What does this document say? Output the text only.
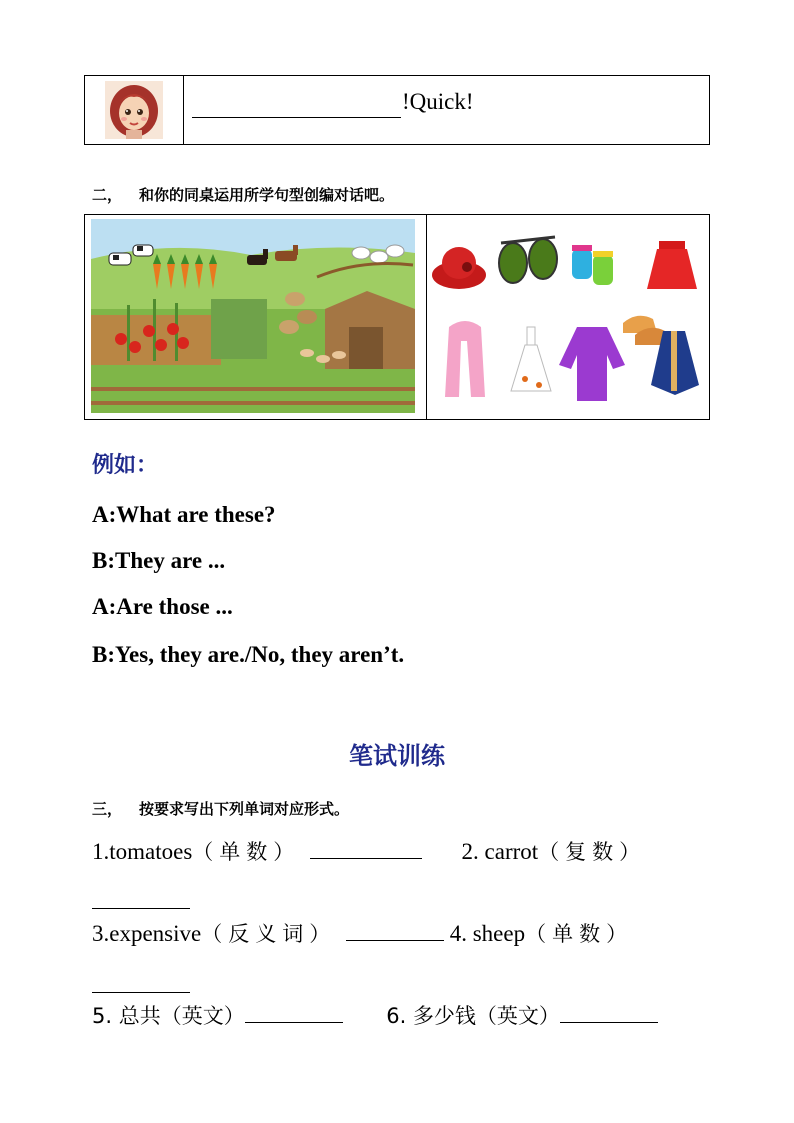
!Quick!
二， 和你的同桌运用所学句型创编对话吧。
例如：
A:What are these?
B:They are ...
A:Are those ...
B:Yes, they are./No, they aren’t.
笔试训练
三， 按要求写出下列单词对应形式。
1.tomatoes（单数）	2. carrot（复数）
3.expensive（反义词）	4. sheep（单数）
5. 总共（英文）	6. 多少钱（英文）
